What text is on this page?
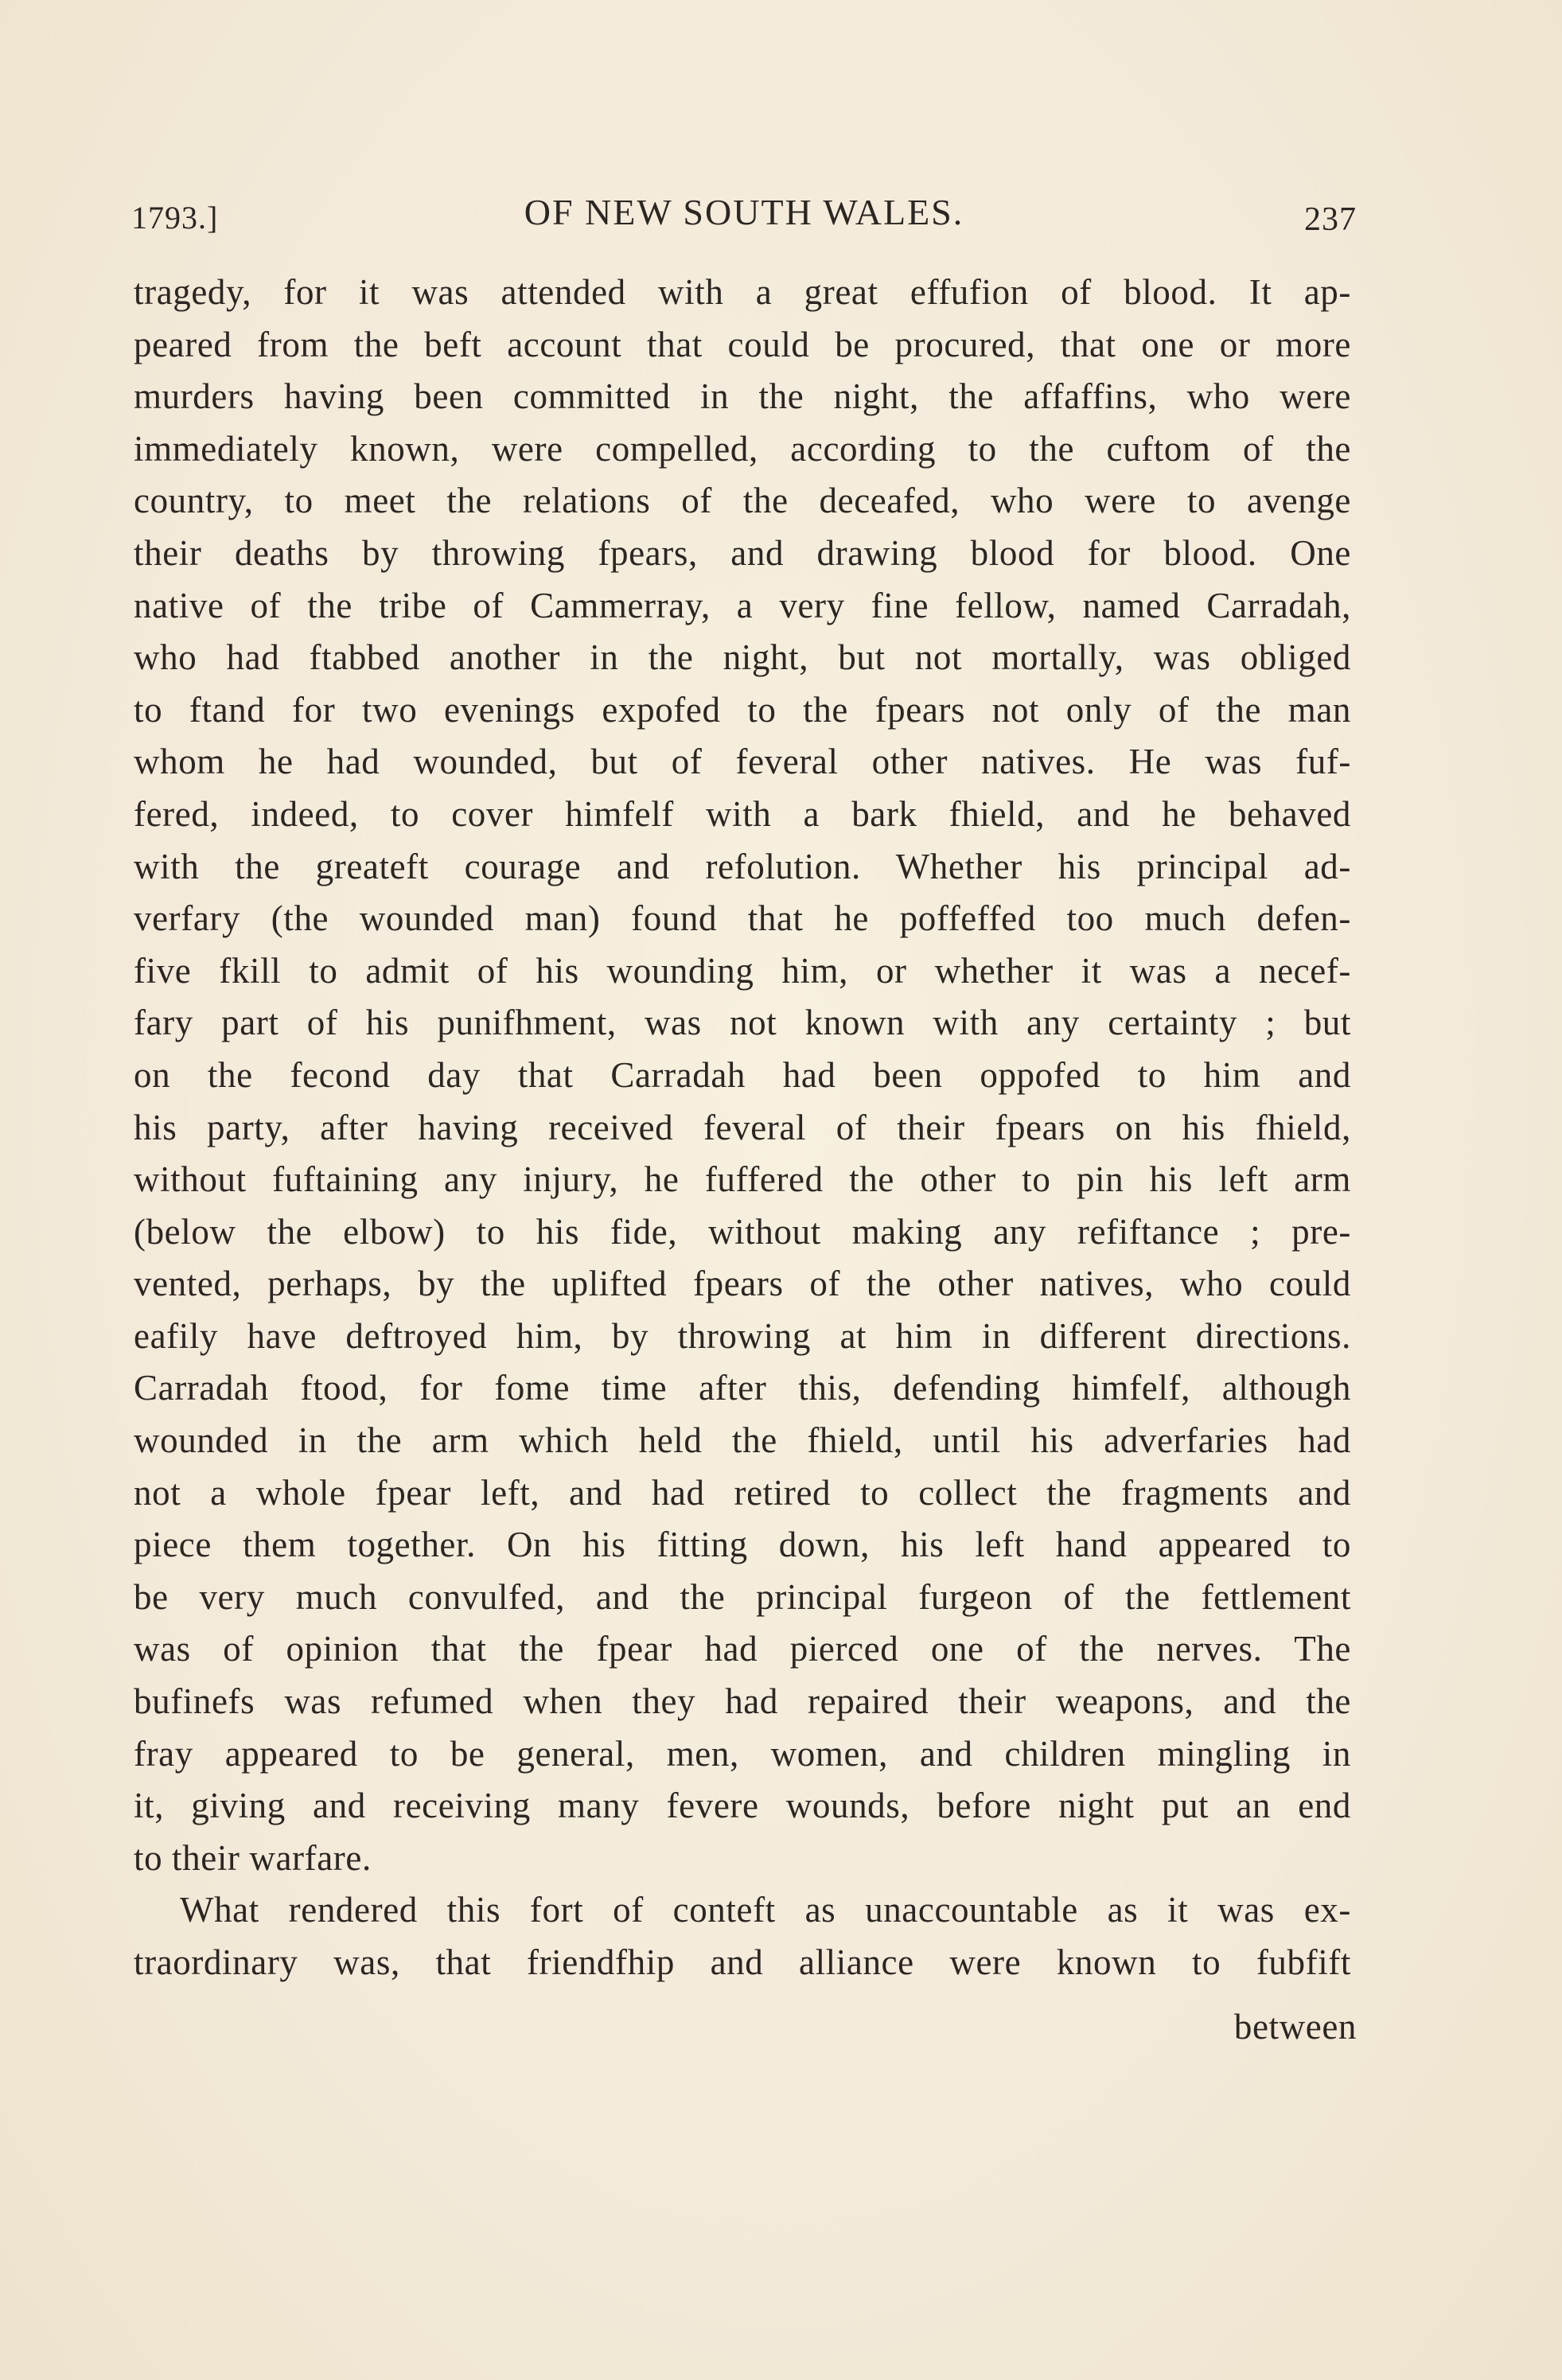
1793.]	OF NEW SOUTH WALES.	237
tragedy, for it was attended with a great effufion of blood. It ap-
peared from the beft account that could be procured, that one or more
murders having been committed in the night, the affaffins, who were
immediately known, were compelled, according to the cuftom of the
country, to meet the relations of the deceafed, who were to avenge
their deaths by throwing fpears, and drawing blood for blood. One
native of the tribe of Cammerray, a very fine fellow, named Carradah,
who had ftabbed another in the night, but not mortally, was obliged
to ftand for two evenings expofed to the fpears not only of the man
whom he had wounded, but of feveral other natives. He was fuf-
fered, indeed, to cover himfelf with a bark fhield, and he behaved
with the greateft courage and refolution. Whether his principal ad-
verfary (the wounded man) found that he poffeffed too much defen-
five fkill to admit of his wounding him, or whether it was a necef-
fary part of his punifhment, was not known with any certainty ; but
on the fecond day that Carradah had been oppofed to him and
his party, after having received feveral of their fpears on his fhield,
without fuftaining any injury, he fuffered the other to pin his left arm
(below the elbow) to his fide, without making any refiftance ; pre-
vented, perhaps, by the uplifted fpears of the other natives, who could
eafily have deftroyed him, by throwing at him in different directions.
Carradah ftood, for fome time after this, defending himfelf, although
wounded in the arm which held the fhield, until his adverfaries had
not a whole fpear left, and had retired to collect the fragments and
piece them together. On his fitting down, his left hand appeared to
be very much convulfed, and the principal furgeon of the fettlement
was of opinion that the fpear had pierced one of the nerves. The
bufinefs was refumed when they had repaired their weapons, and the
fray appeared to be general, men, women, and children mingling in
it, giving and receiving many fevere wounds, before night put an end
to their warfare.
What rendered this fort of conteft as unaccountable as it was ex-
traordinary was, that friendfhip and alliance were known to fubfift
between
